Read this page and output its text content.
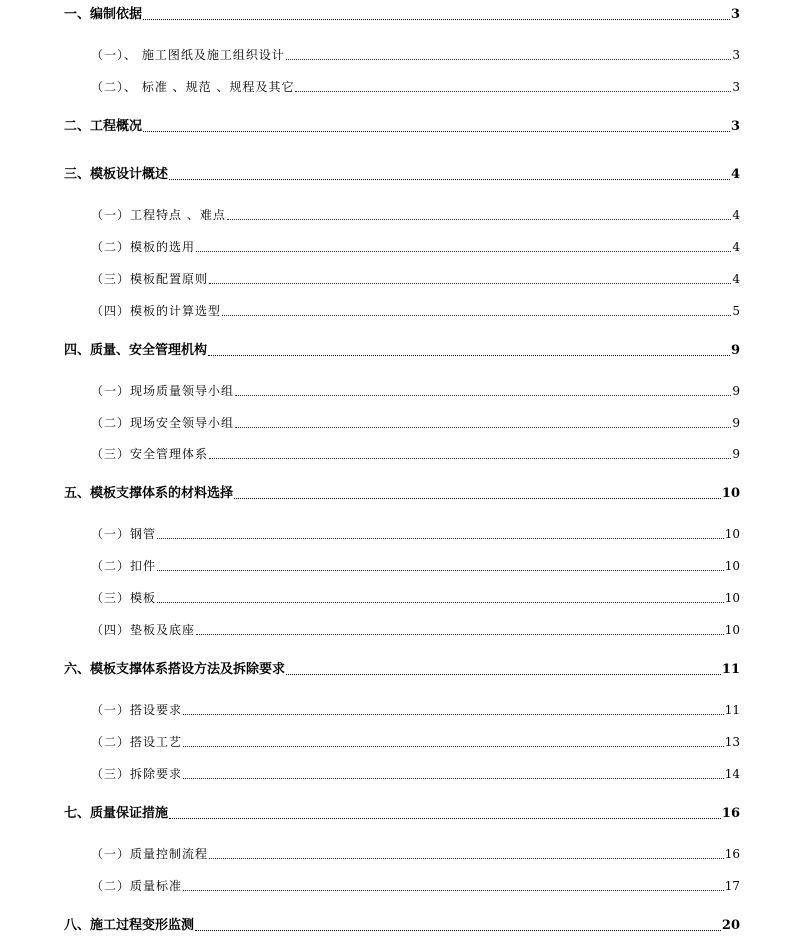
一、编制依据	3
（一）、 施工图纸及施工组织设计	3
（二）、 标准 、规范 、规程及其它	3
二、工程概况	3
三、模板设计概述	4
（一）工程特点 、难点	4
（二）模板的选用	4
（三）模板配置原则	4
（四）模板的计算选型	5
四、质量、安全管理机构	9
（一）现场质量领导小组	9
（二）现场安全领导小组	9
（三）安全管理体系	9
五、模板支撑体系的材料选择	10
（一）钢管	10
（二）扣件	10
（三）模板	10
（四）垫板及底座	10
六、模板支撑体系搭设方法及拆除要求	11
（一）搭设要求	11
（二）搭设工艺	13
（三）拆除要求	14
七、质量保证措施	16
（一）质量控制流程	16
（二）质量标准	17
八、施工过程变形监测	20
